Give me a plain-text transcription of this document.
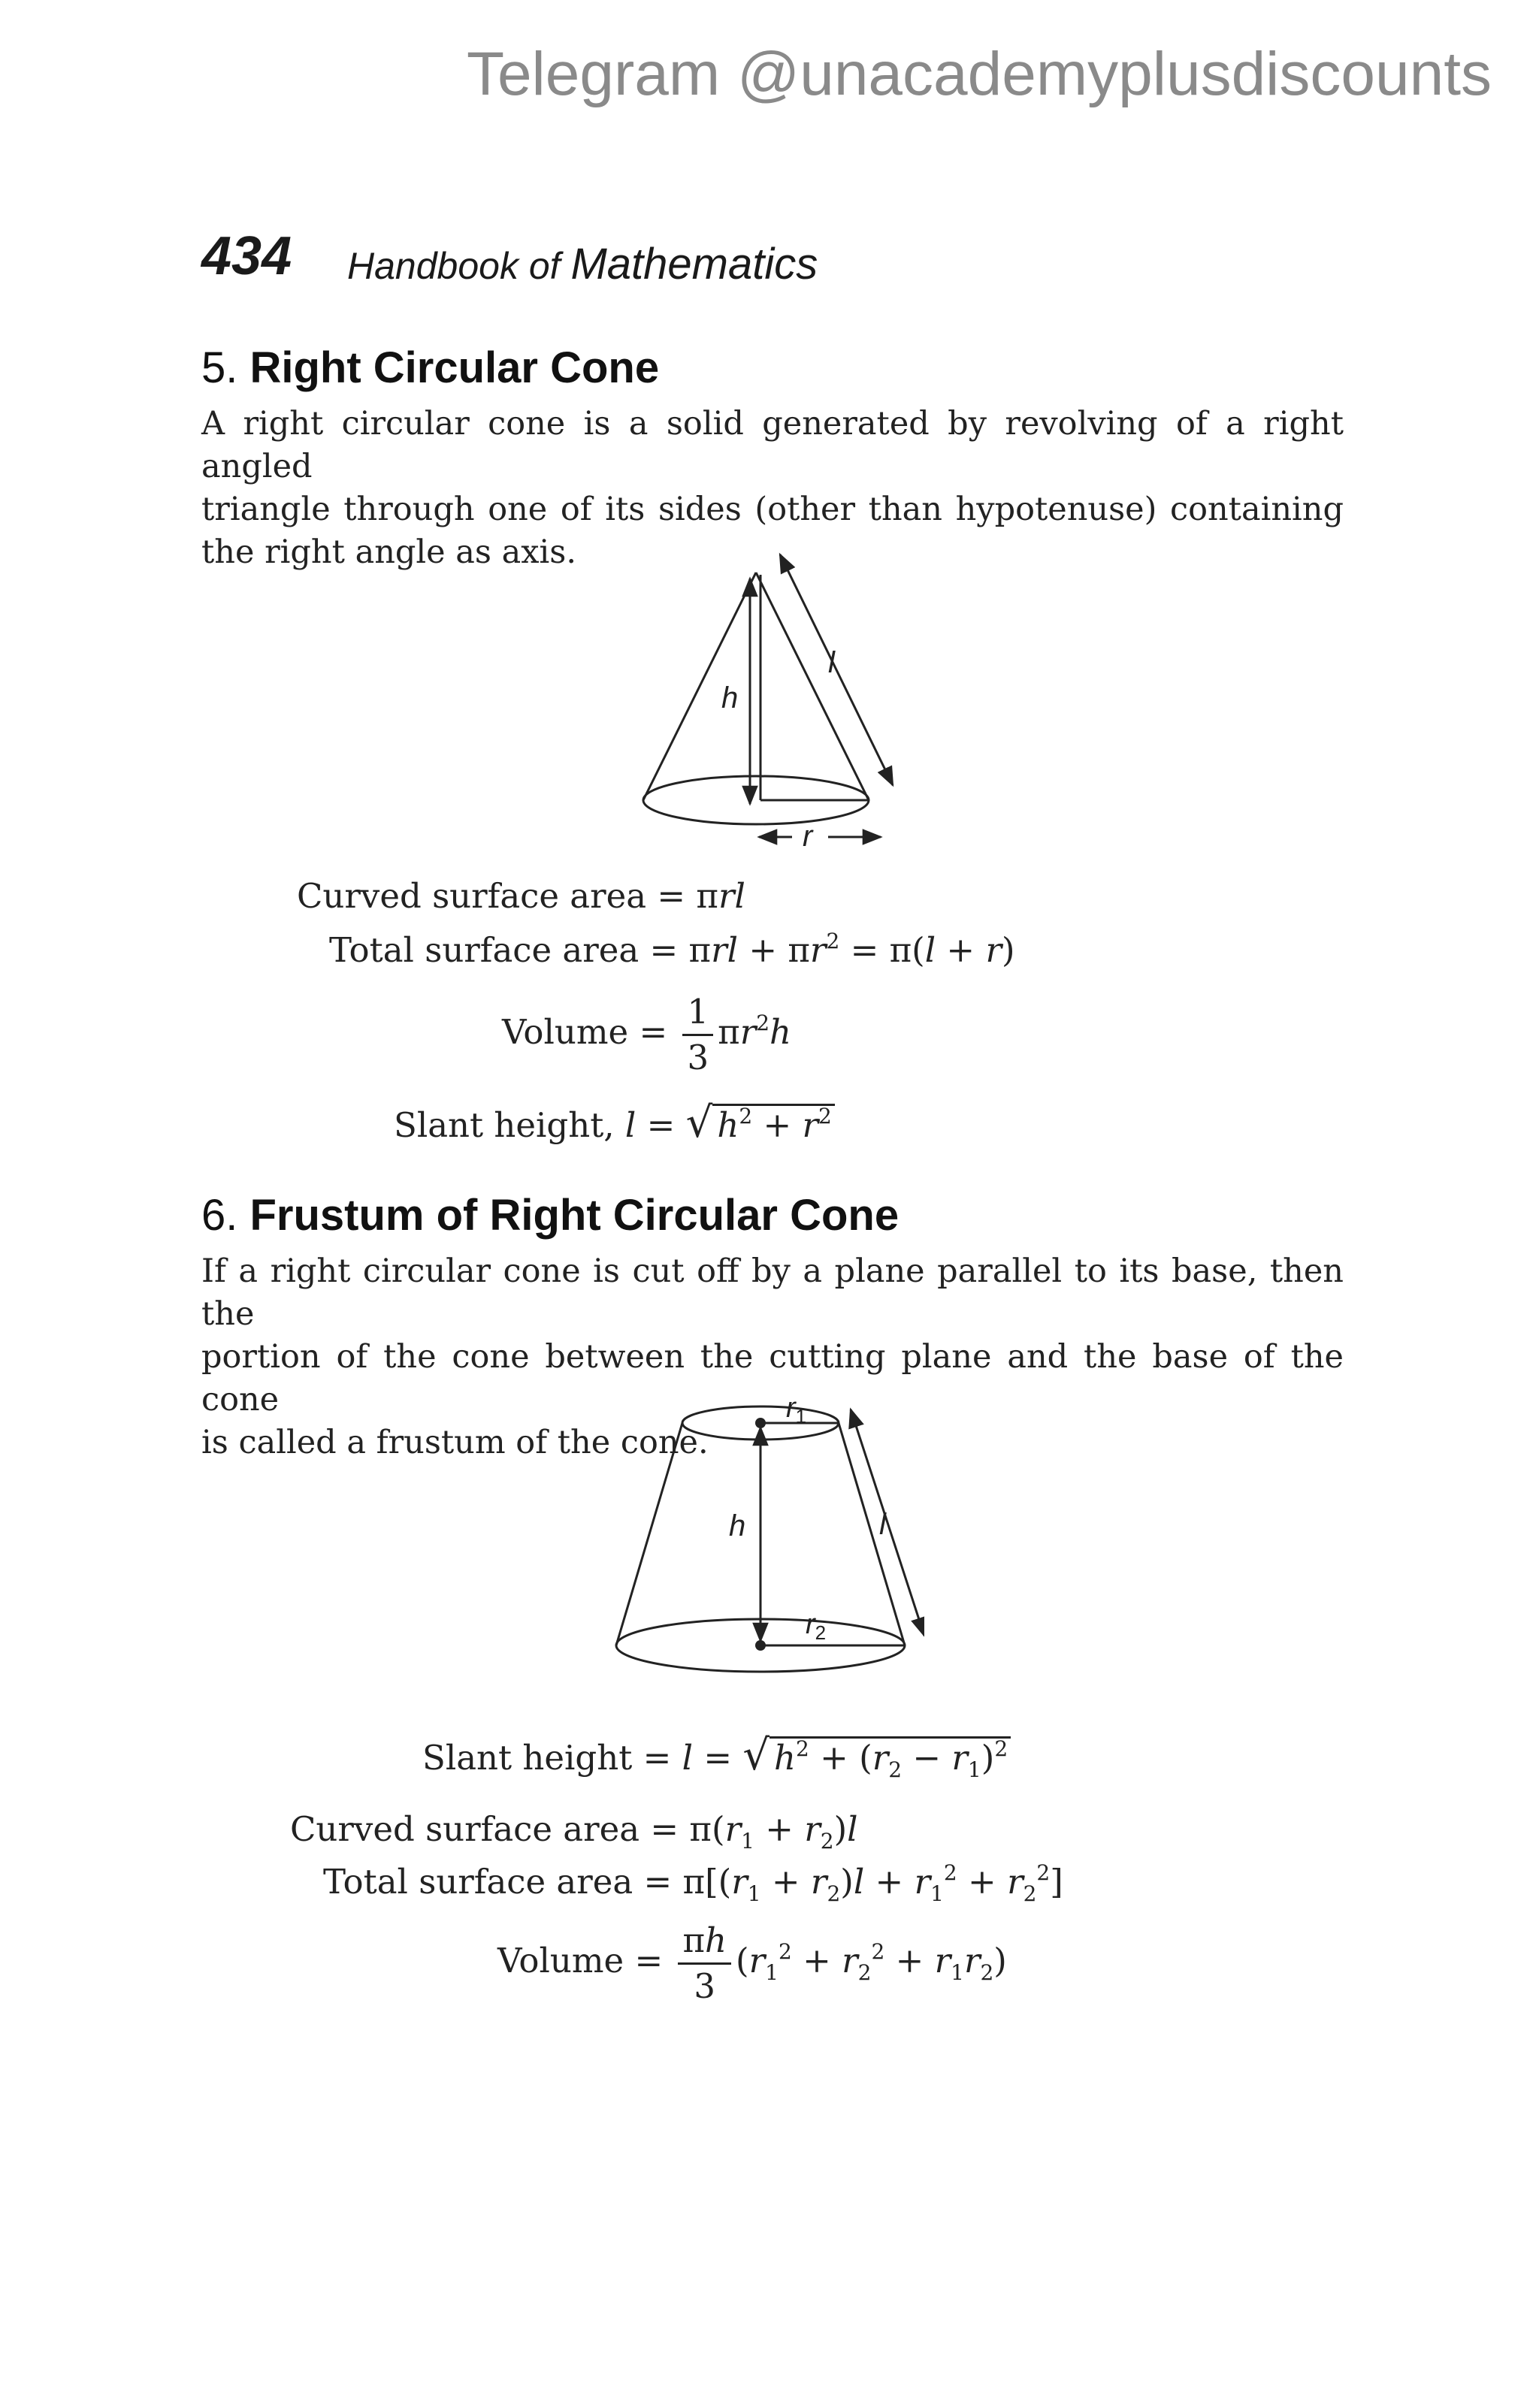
Telegram @unacademyplusdiscounts
434 Handbook of Mathematics
5. Right Circular Cone
A right circular cone is a solid generated by revolving of a right angled
triangle through one of its sides (other than hypotenuse) containing
the right angle as axis.
h
l
r
Curved surface area = πrl
Total surface area = $\pi rl + \pi r^2 = \pi(l + r)$
Volume = $\frac{1}{3} \pi r^2h$
Slant height, l = √ $h^2 + r^2$
6. Frustum of Right Circular Cone
If a right circular cone is cut off by a plane parallel to its base, then the
portion of the cone between the cutting plane and the base of the cone
is called a frustum of the cone.
$r_1$
h	l
$r_2$
Slant height = l = √ $h^2 + (r_2 - r_1)^2$
Curved surface area = $\pi(r_1 + r_2)l$
Total surface area = $\pi[(r_1 + r_2)l + r_1^2 + r_2^2]$
Volume = $\frac{\pi h}{3} (r_1^2 + r_2^2 + r_1r_2)$
